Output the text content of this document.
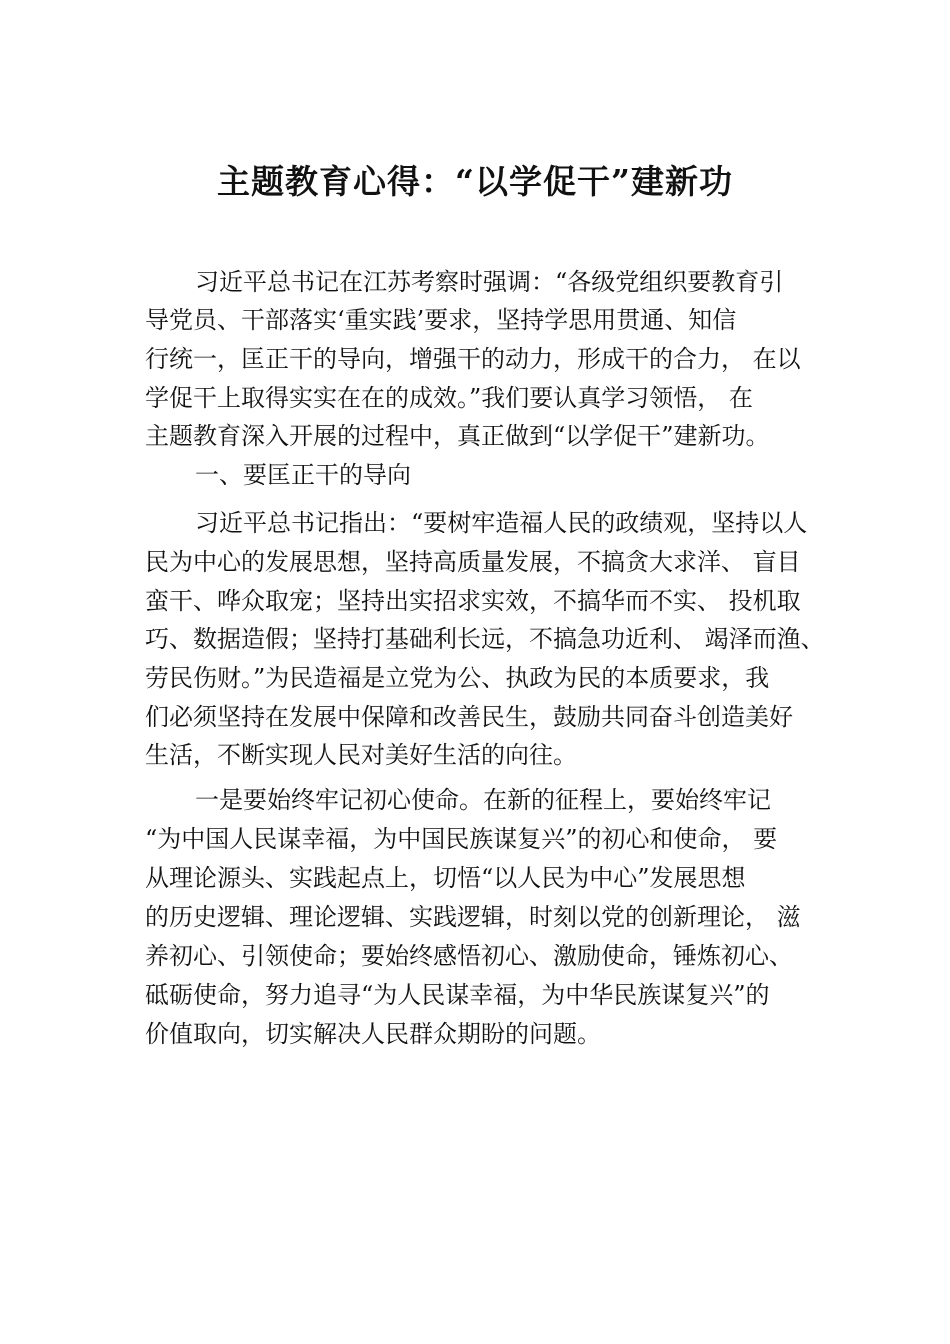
主题教育心得：“以学促干”建新功

习近平总书记在江苏考察时强调：“各级党组织要教育引

导党员、干部落实‘重实践’要求，坚持学思用贯通、知信

行统一，匡正干的导向，增强干的动力，形成干的合力， 在以

学促干上取得实实在在的成效。”我们要认真学习领悟， 在

主题教育深入开展的过程中，真正做到“以学促干”建新功。

一、要匡正干的导向

习近平总书记指出：“要树牢造福人民的政绩观，坚持以人

民为中心的发展思想，坚持高质量发展，不搞贪大求洋、 盲目

蛮干、哗众取宠；坚持出实招求实效，不搞华而不实、 投机取

巧、数据造假；坚持打基础利长远，不搞急功近利、 竭泽而渔、

劳民伤财。”为民造福是立党为公、执政为民的本质要求，我

们必须坚持在发展中保障和改善民生，鼓励共同奋斗创造美好

生活，不断实现人民对美好生活的向往。

一是要始终牢记初心使命。在新的征程上，要始终牢记

“为中国人民谋幸福，为中国民族谋复兴”的初心和使命， 要

从理论源头、实践起点上，切悟“以人民为中心”发展思想

的历史逻辑、理论逻辑、实践逻辑，时刻以党的创新理论， 滋

养初心、引领使命；要始终感悟初心、激励使命，锤炼初心、

砥砺使命，努力追寻“为人民谋幸福，为中华民族谋复兴”的

价值取向，切实解决人民群众期盼的问题。
